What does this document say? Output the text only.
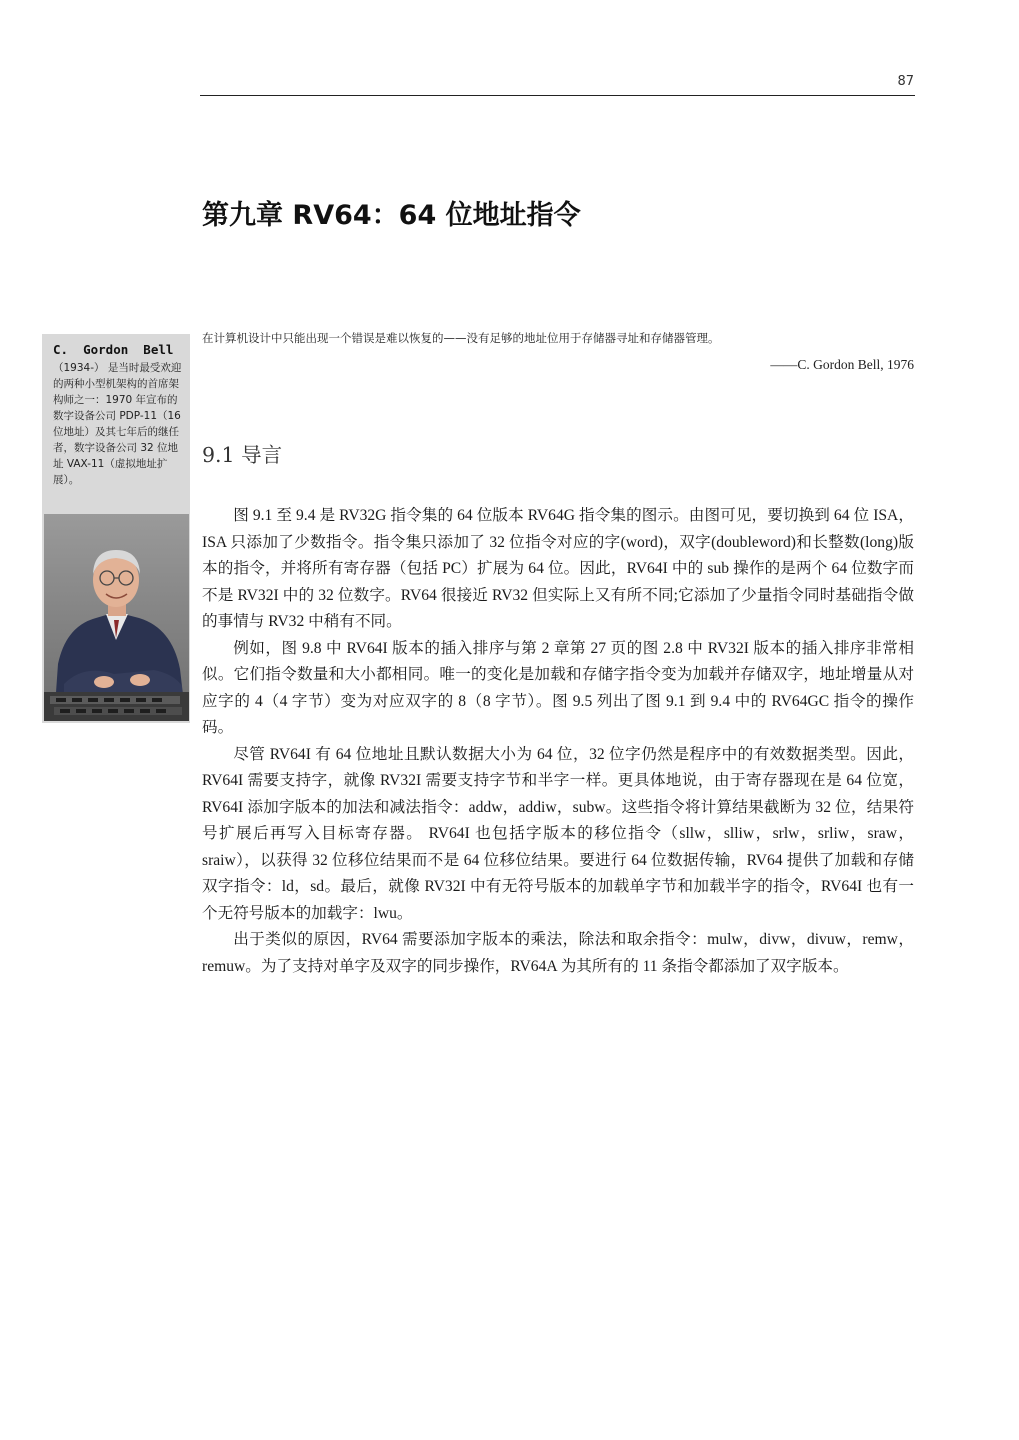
87
第九章 RV64：64 位地址指令
在计算机设计中只能出现一个错误是难以恢复的——没有足够的地址位用于存储器寻址和存储器管理。
——C. Gordon Bell, 1976
C.  Gordon  Bell
（1934-） 是当时最受欢迎的两种小型机架构的首席架构师之一：1970 年宣布的数字设备公司 PDP-11（16 位地址）及其七年后的继任者，数字设备公司 32 位地址 VAX-11（虚拟地址扩展）。
9.1 导言

图 9.1 至 9.4 是 RV32G 指令集的 64 位版本 RV64G 指令集的图示。由图可见，要切换到 64 位 ISA，ISA 只添加了少数指令。指令集只添加了 32 位指令对应的字(word)，双字(doubleword)和长整数(long)版本的指令，并将所有寄存器（包括 PC）扩展为 64 位。因此，RV64I 中的 sub 操作的是两个 64 位数字而不是 RV32I 中的 32 位数字。RV64 很接近 RV32 但实际上又有所不同;它添加了少量指令同时基础指令做的事情与 RV32 中稍有不同。

例如，图 9.8 中 RV64I 版本的插入排序与第 2 章第 27 页的图 2.8 中 RV32I 版本的插入排序非常相似。它们指令数量和大小都相同。唯一的变化是加载和存储字指令变为加载并存储双字，地址增量从对应字的 4（4 字节）变为对应双字的 8（8 字节）。图 9.5 列出了图 9.1 到 9.4 中的 RV64GC 指令的操作码。

尽管 RV64I 有 64 位地址且默认数据大小为 64 位，32 位字仍然是程序中的有效数据类型。因此，RV64I 需要支持字，就像 RV32I 需要支持字节和半字一样。更具体地说，由于寄存器现在是 64 位宽，RV64I 添加字版本的加法和减法指令：addw，addiw，subw。这些指令将计算结果截断为 32 位，结果符号扩展后再写入目标寄存器。 RV64I 也包括字版本的移位指令（sllw，slliw，srlw，srliw，sraw，sraiw），以获得 32 位移位结果而不是 64 位移位结果。要进行 64 位数据传输，RV64 提供了加载和存储双字指令：ld，sd。最后，就像 RV32I 中有无符号版本的加载单字节和加载半字的指令，RV64I 也有一个无符号版本的加载字：lwu。

出于类似的原因，RV64 需要添加字版本的乘法，除法和取余指令：mulw，divw，divuw，remw，remuw。为了支持对单字及双字的同步操作，RV64A 为其所有的 11 条指令都添加了双字版本。
